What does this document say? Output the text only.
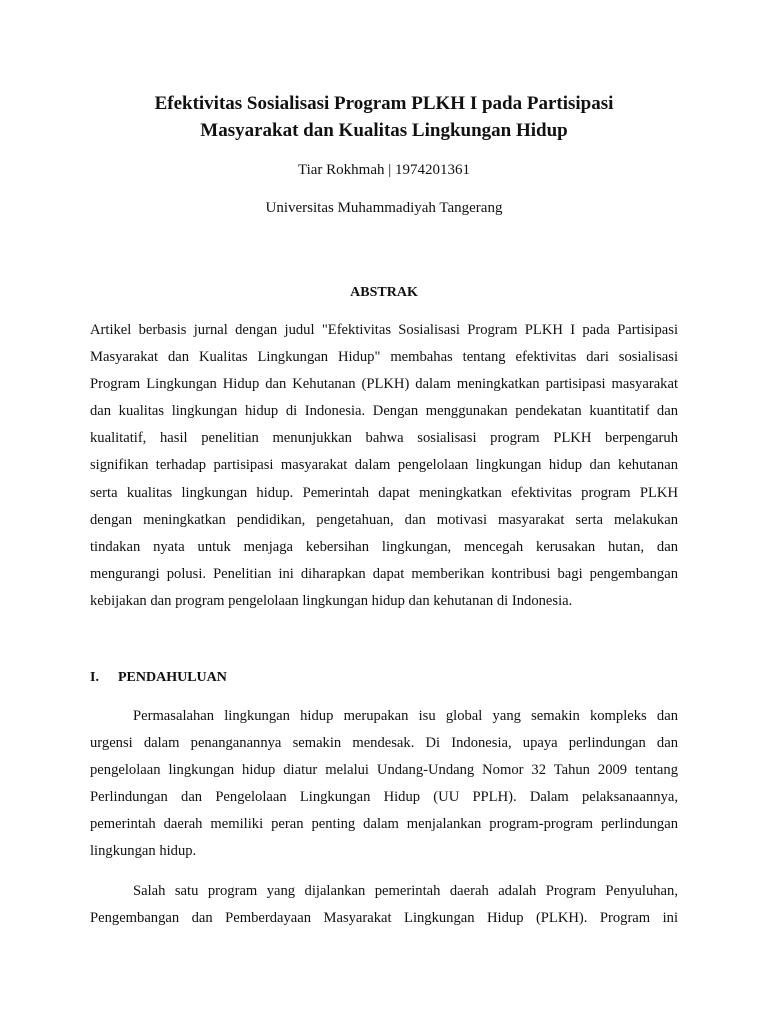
Efektivitas Sosialisasi Program PLKH I pada Partisipasi
Masyarakat dan Kualitas Lingkungan Hidup

Tiar Rokhmah | 1974201361

Universitas Muhammadiyah Tangerang

ABSTRAK

Artikel berbasis jurnal dengan judul "Efektivitas Sosialisasi Program PLKH I pada Partisipasi
Masyarakat dan Kualitas Lingkungan Hidup" membahas tentang efektivitas dari sosialisasi
Program Lingkungan Hidup dan Kehutanan (PLKH) dalam meningkatkan partisipasi masyarakat
dan kualitas lingkungan hidup di Indonesia. Dengan menggunakan pendekatan kuantitatif dan
kualitatif, hasil penelitian menunjukkan bahwa sosialisasi program PLKH berpengaruh
signifikan terhadap partisipasi masyarakat dalam pengelolaan lingkungan hidup dan kehutanan
serta kualitas lingkungan hidup. Pemerintah dapat meningkatkan efektivitas program PLKH
dengan meningkatkan pendidikan, pengetahuan, dan motivasi masyarakat serta melakukan
tindakan nyata untuk menjaga kebersihan lingkungan, mencegah kerusakan hutan, dan
mengurangi polusi. Penelitian ini diharapkan dapat memberikan kontribusi bagi pengembangan
kebijakan dan program pengelolaan lingkungan hidup dan kehutanan di Indonesia.

I. PENDAHULUAN

Permasalahan lingkungan hidup merupakan isu global yang semakin kompleks dan
urgensi dalam penanganannya semakin mendesak. Di Indonesia, upaya perlindungan dan
pengelolaan lingkungan hidup diatur melalui Undang-Undang Nomor 32 Tahun 2009 tentang
Perlindungan dan Pengelolaan Lingkungan Hidup (UU PPLH). Dalam pelaksanaannya,
pemerintah daerah memiliki peran penting dalam menjalankan program-program perlindungan
lingkungan hidup.

Salah satu program yang dijalankan pemerintah daerah adalah Program Penyuluhan,
Pengembangan dan Pemberdayaan Masyarakat Lingkungan Hidup (PLKH). Program ini
